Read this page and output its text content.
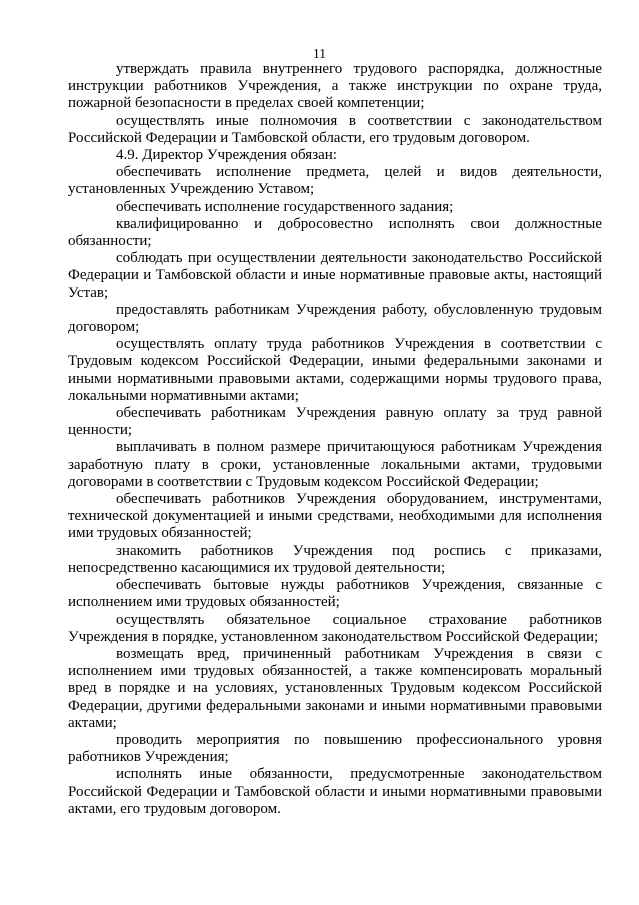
11

утверждать правила внутреннего трудового распорядка, должностные инструкции работников Учреждения, а также инструкции по охране труда, пожарной безопасности в пределах своей компетенции;

осуществлять иные полномочия в соответствии с законодательством Российской Федерации и Тамбовской области, его трудовым договором.

4.9. Директор Учреждения обязан:

обеспечивать исполнение предмета, целей и видов деятельности, установленных Учреждению Уставом;

обеспечивать исполнение государственного задания;

квалифицированно и добросовестно исполнять свои должностные обязанности;

соблюдать при осуществлении деятельности законодательство Российской Федерации и Тамбовской области и иные нормативные правовые акты, настоящий Устав;

предоставлять работникам Учреждения работу, обусловленную трудовым договором;

осуществлять оплату труда работников Учреждения в соответствии с Трудовым кодексом Российской Федерации, иными федеральными законами и иными нормативными правовыми актами, содержащими нормы трудового права, локальными нормативными актами;

обеспечивать работникам Учреждения равную оплату за труд равной ценности;

выплачивать в полном размере причитающуюся работникам Учреждения заработную плату в сроки, установленные локальными актами, трудовыми договорами в соответствии с Трудовым кодексом Российской Федерации;

обеспечивать работников Учреждения оборудованием, инструментами, технической документацией и иными средствами, необходимыми для исполнения ими трудовых обязанностей;

знакомить работников Учреждения под роспись с приказами, непосредственно касающимися их трудовой деятельности;

обеспечивать бытовые нужды работников Учреждения, связанные с исполнением ими трудовых обязанностей;

осуществлять обязательное социальное страхование работников Учреждения в порядке, установленном законодательством Российской Федерации;

возмещать вред, причиненный работникам Учреждения в связи с исполнением ими трудовых обязанностей, а также компенсировать моральный вред в порядке и на условиях, установленных Трудовым кодексом Российской Федерации, другими федеральными законами и иными нормативными правовыми актами;

проводить мероприятия по повышению профессионального уровня работников Учреждения;

исполнять иные обязанности, предусмотренные законодательством Российской Федерации и Тамбовской области и иными нормативными правовыми актами, его трудовым договором.
